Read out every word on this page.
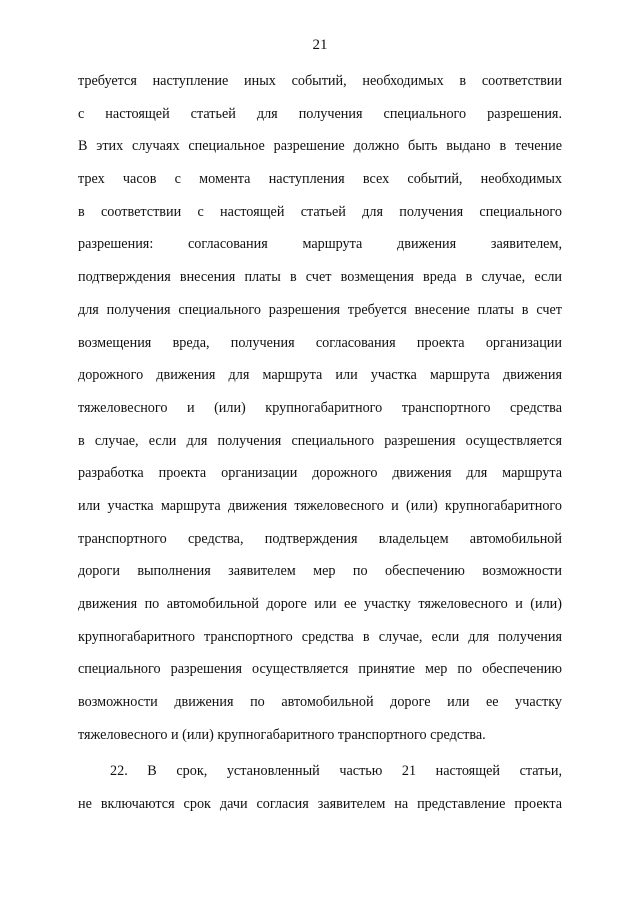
21
требуется наступление иных событий, необходимых в соответствии
с настоящей статьей для получения специального разрешения.
В этих случаях специальное разрешение должно быть выдано в течение
трех часов с момента наступления всех событий, необходимых
в соответствии с настоящей статьей для получения специального
разрешения: согласования маршрута движения заявителем,
подтверждения внесения платы в счет возмещения вреда в случае, если
для получения специального разрешения требуется внесение платы в счет
возмещения вреда, получения согласования проекта организации
дорожного движения для маршрута или участка маршрута движения
тяжеловесного и (или) крупногабаритного транспортного средства
в случае, если для получения специального разрешения осуществляется
разработка проекта организации дорожного движения для маршрута
или участка маршрута движения тяжеловесного и (или) крупногабаритного
транспортного средства, подтверждения владельцем автомобильной
дороги выполнения заявителем мер по обеспечению возможности
движения по автомобильной дороге или ее участку тяжеловесного и (или)
крупногабаритного транспортного средства в случае, если для получения
специального разрешения осуществляется принятие мер по обеспечению
возможности движения по автомобильной дороге или ее участку
тяжеловесного и (или) крупногабаритного транспортного средства.
22. В срок, установленный частью 21 настоящей статьи,
не включаются срок дачи согласия заявителем на представление проекта
